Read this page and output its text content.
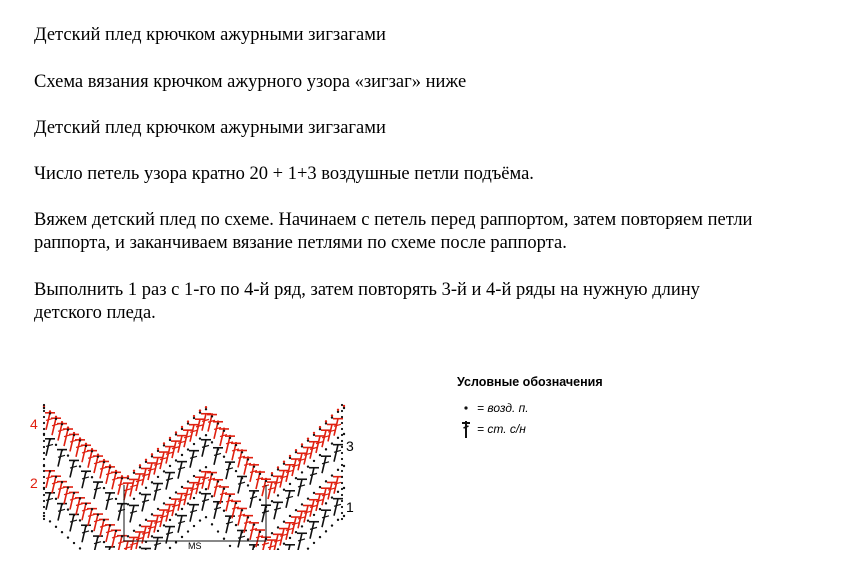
Детский плед крючком ажурными зигзагами

Схема вязания крючком ажурного узора «зигзаг» ниже

Детский плед крючком ажурными зигзагами

Число петель узора кратно 20 + 1+3 воздушные петли подъёма.

Вяжем детский плед по схеме. Начинаем с петель перед раппортом, затем повторяем петли

раппорта, и заканчиваем вязание петлями по схеме после раппорта.

Выполнить 1 раз с 1-го по 4-й ряд, затем повторять 3-й и 4-й ряды на нужную длину

детского пледа.

4
3
2
1
MS
Условные обозначения
= возд. п.
= ст. с/н
